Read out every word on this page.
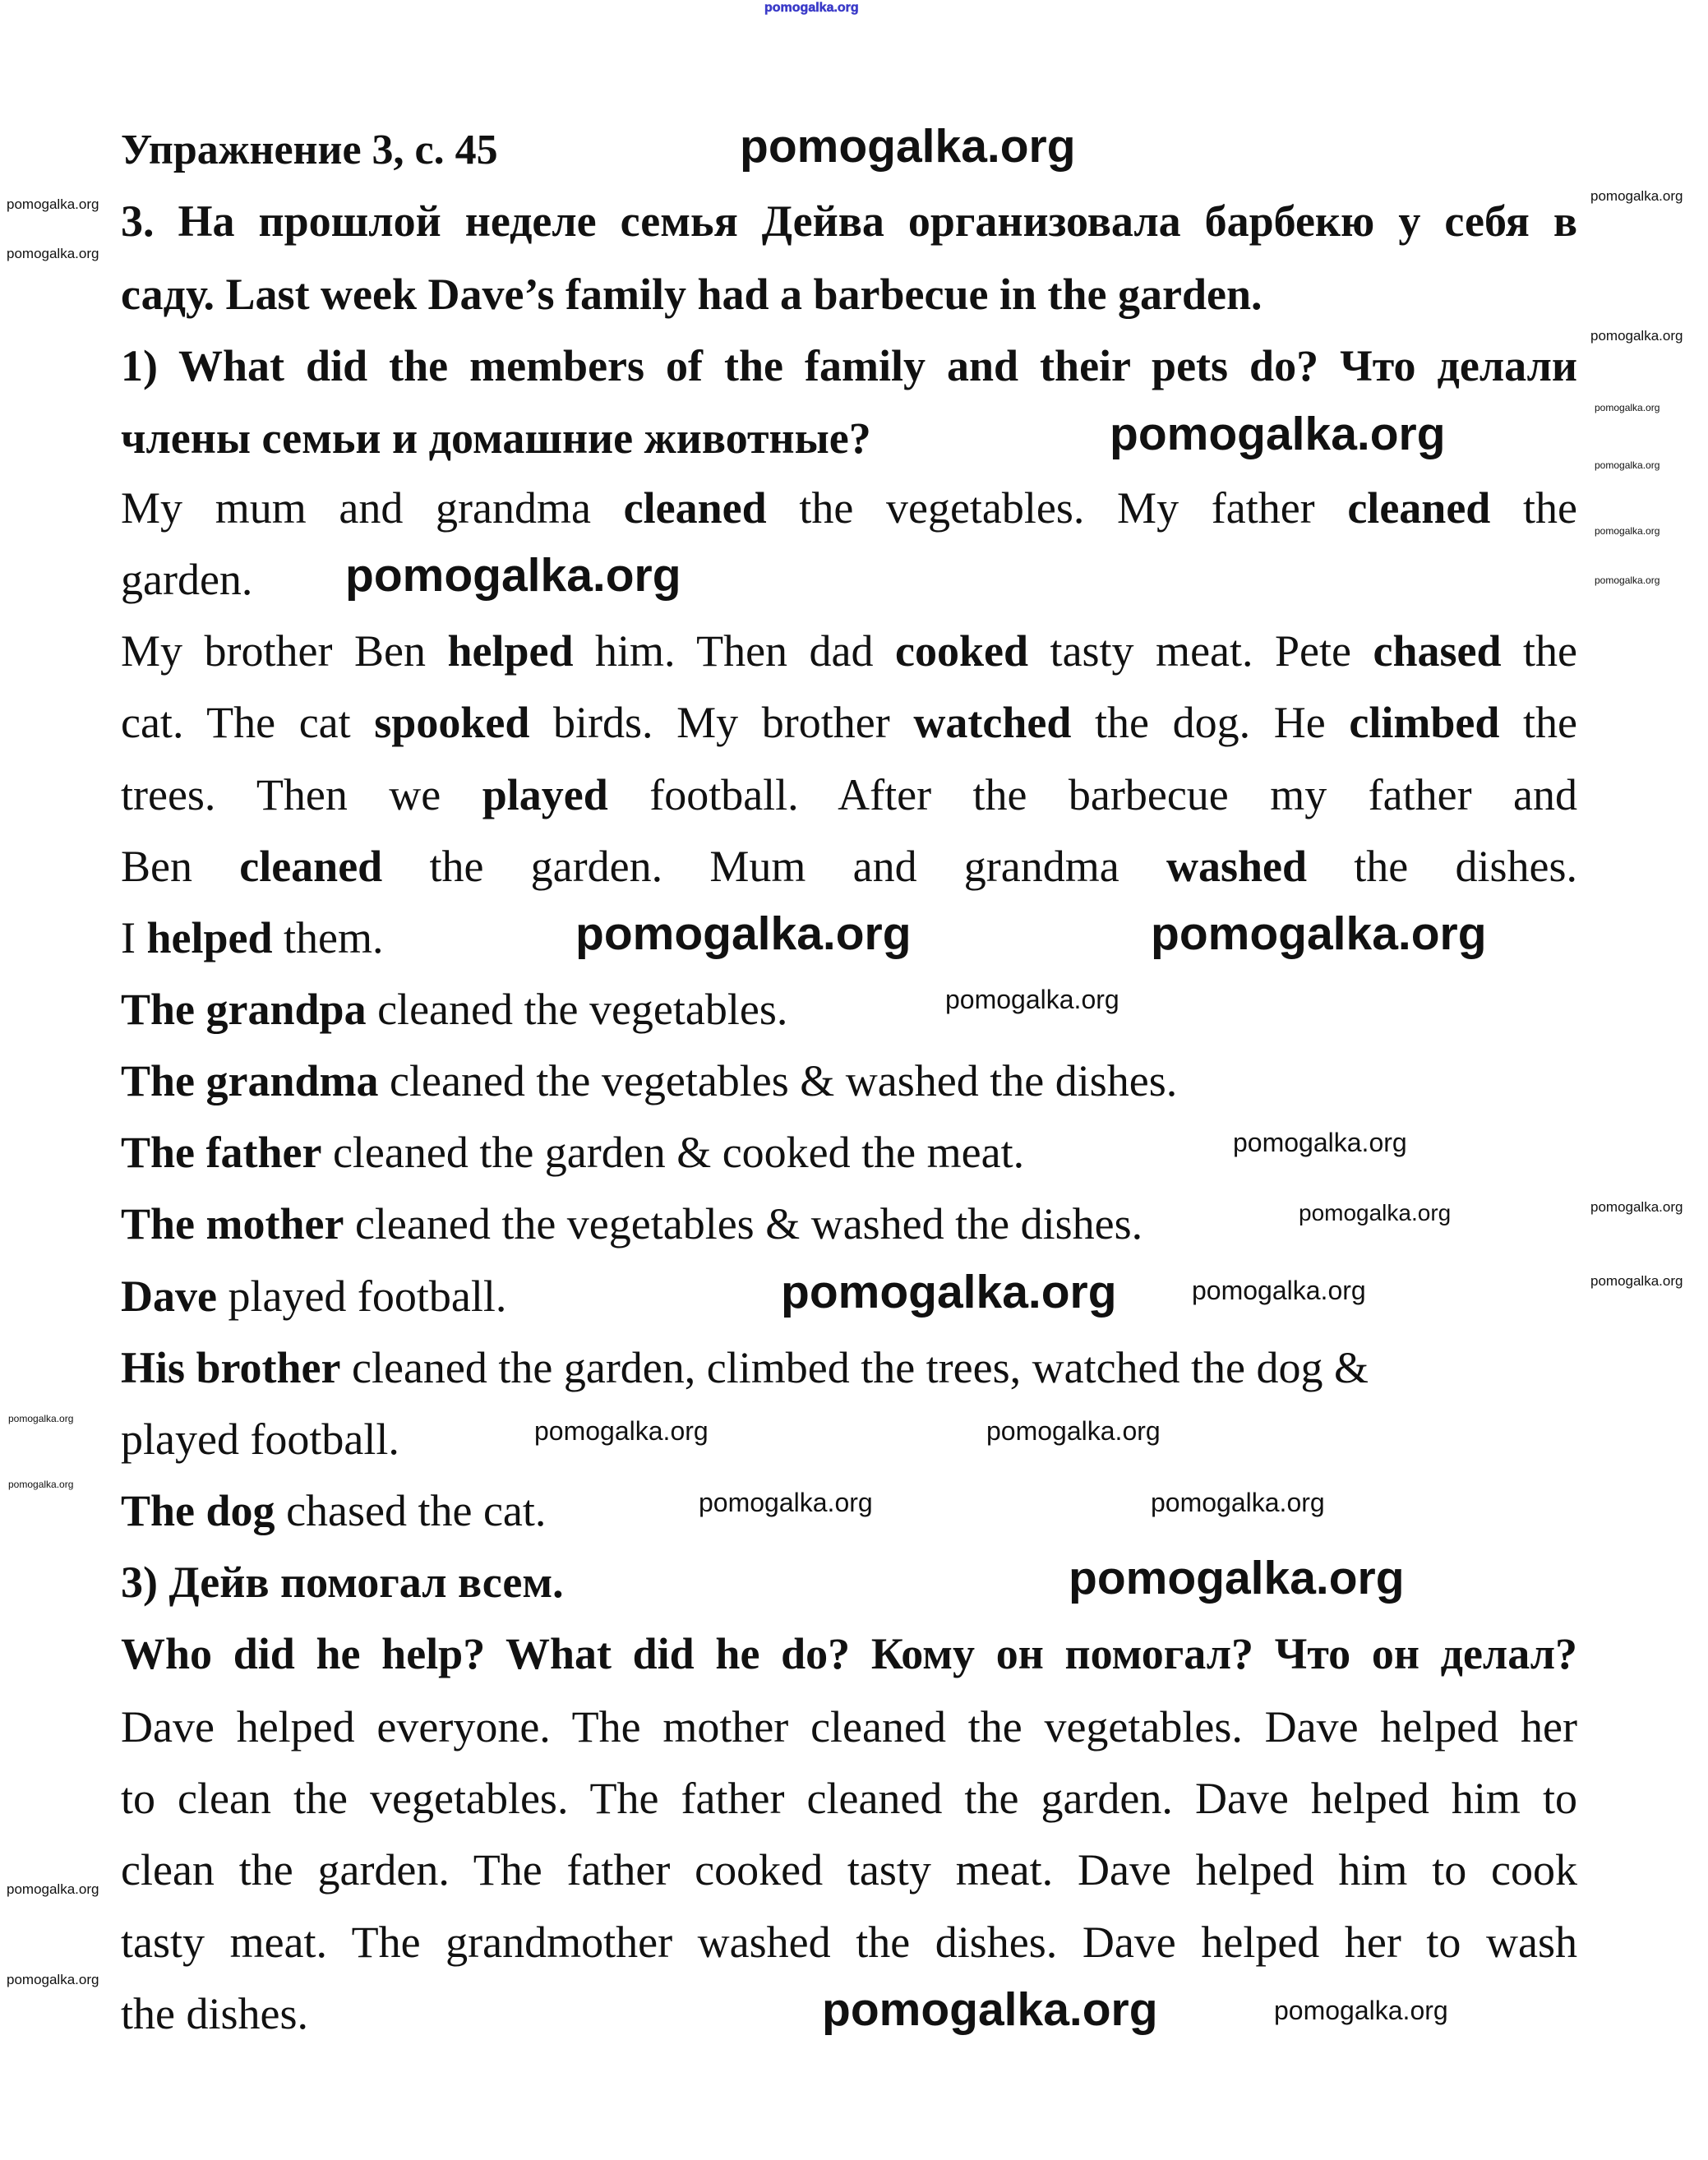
Упражнение 3, с. 45
3. На прошлой неделе семья Дейва организовала барбекю у себя в
саду. Last week Dave’s family had a barbecue in the garden.
1) What did the members of the family and their pets do? Что делали
члены семьи и домашние животные?
My mum and grandma cleaned the vegetables. My father cleaned the
garden.
My brother Ben helped him. Then dad cooked tasty meat. Pete chased the
cat. The cat spooked birds. My brother watched the dog. He climbed the
trees. Then we played football. After the barbecue my father and
Ben cleaned the garden. Mum and grandma washed the dishes.
I helped them.
The grandpa cleaned the vegetables.
The grandma cleaned the vegetables & washed the dishes.
The father cleaned the garden & cooked the meat.
The mother cleaned the vegetables & washed the dishes.
Dave played football.
His brother cleaned the garden, climbed the trees, watched the dog &
played football.
The dog chased the cat.
3) Дейв помогал всем.
Who did he help? What did he do? Кому он помогал? Что он делал?
Dave helped everyone. The mother cleaned the vegetables. Dave helped her
to clean the vegetables. The father cleaned the garden. Dave helped him to
clean the garden. The father cooked tasty meat. Dave helped him to cook
tasty meat. The grandmother washed the dishes. Dave helped her to wash
the dishes.
pomogalka.org
pomogalka.org
pomogalka.org
pomogalka.org
pomogalka.org	pomogalka.org
pomogalka.org
pomogalka.org
pomogalka.org
pomogalka.org
pomogalka.org
pomogalka.org
pomogalka.org
pomogalka.org	pomogalka.org
pomogalka.org	pomogalka.org
pomogalka.org
pomogalka.org
pomogalka.org
pomogalka.org
pomogalka.org
pomogalka.org
pomogalka.org
pomogalka.org
pomogalka.org
pomogalka.org
pomogalka.org
pomogalka.org
pomogalka.org
pomogalka.org
pomogalka.org
